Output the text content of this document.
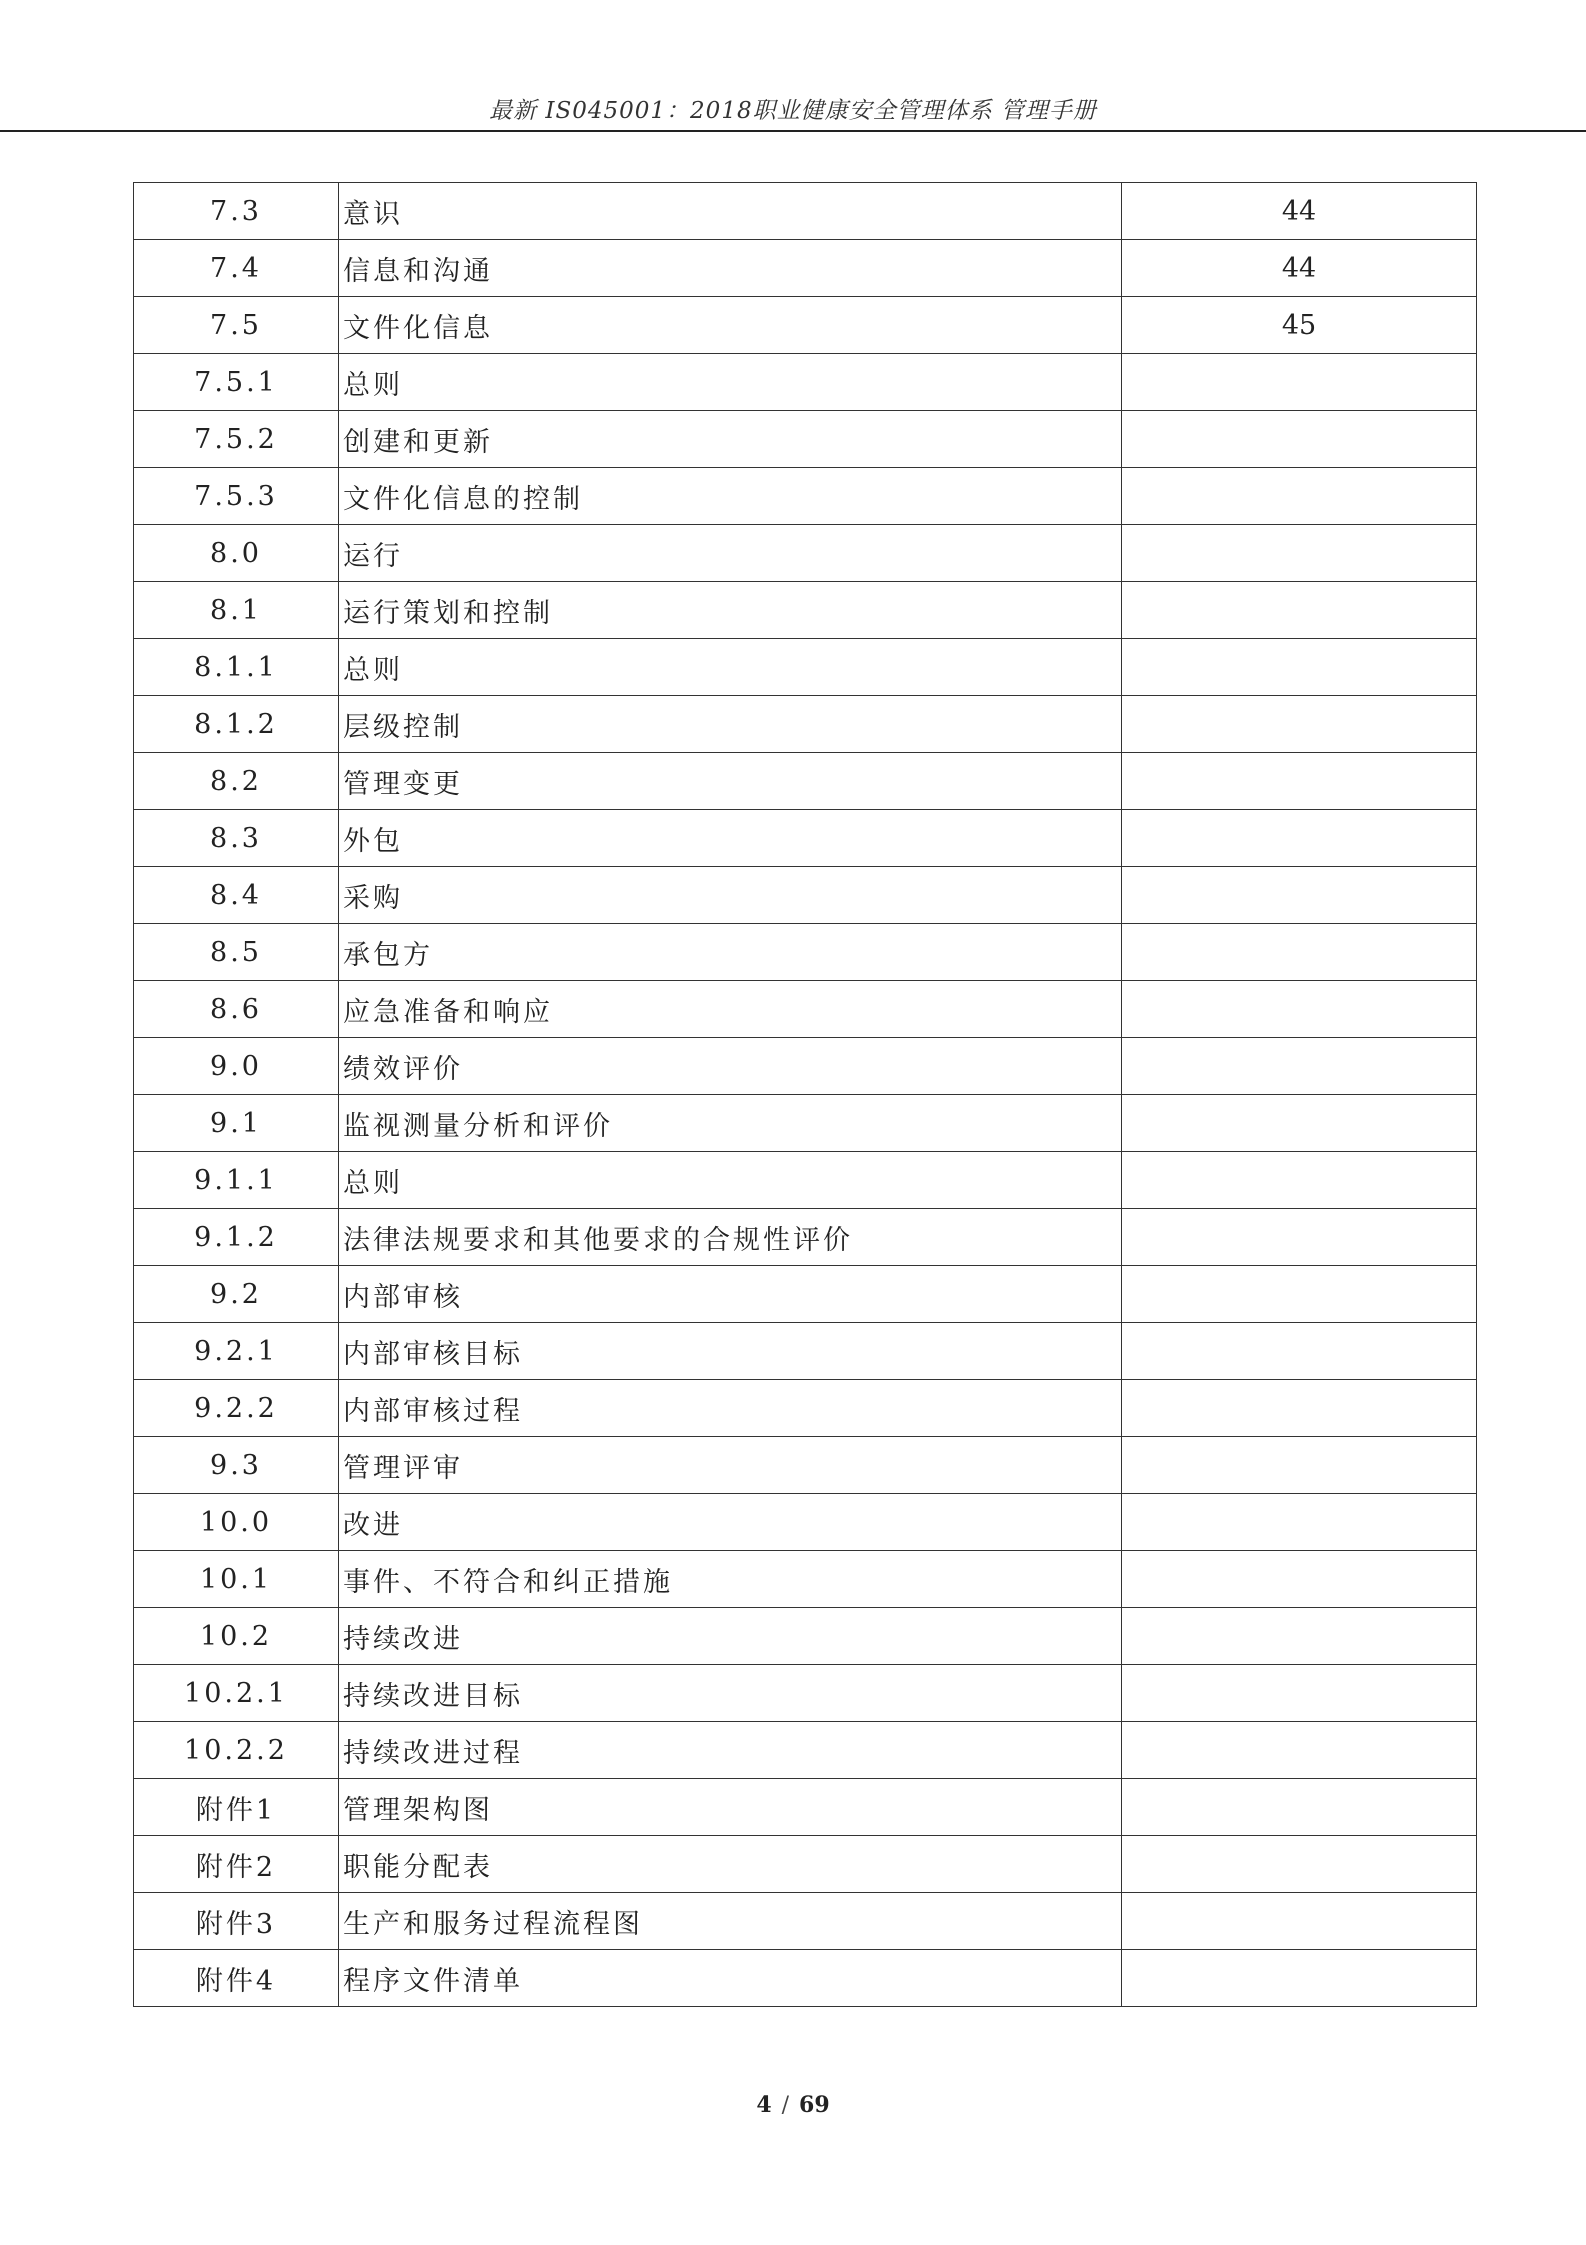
最新 IS045001：2018职业健康安全管理体系 管理手册
7.3	意识	44
7.4	信息和沟通	44
7.5	文件化信息	45
7.5.1	总则	
7.5.2	创建和更新	
7.5.3	文件化信息的控制	
8.0	运行	
8.1	运行策划和控制	
8.1.1	总则	
8.1.2	层级控制	
8.2	管理变更	
8.3	外包	
8.4	采购	
8.5	承包方	
8.6	应急准备和响应	
9.0	绩效评价	
9.1	监视测量分析和评价	
9.1.1	总则	
9.1.2	法律法规要求和其他要求的合规性评价	
9.2	内部审核	
9.2.1	内部审核目标	
9.2.2	内部审核过程	
9.3	管理评审	
10.0	改进	
10.1	事件、不符合和纠正措施	
10.2	持续改进	
10.2.1	持续改进目标	
10.2.2	持续改进过程	
附件1	管理架构图	
附件2	职能分配表	
附件3	生产和服务过程流程图	
附件4	程序文件清单	
4 / 69
